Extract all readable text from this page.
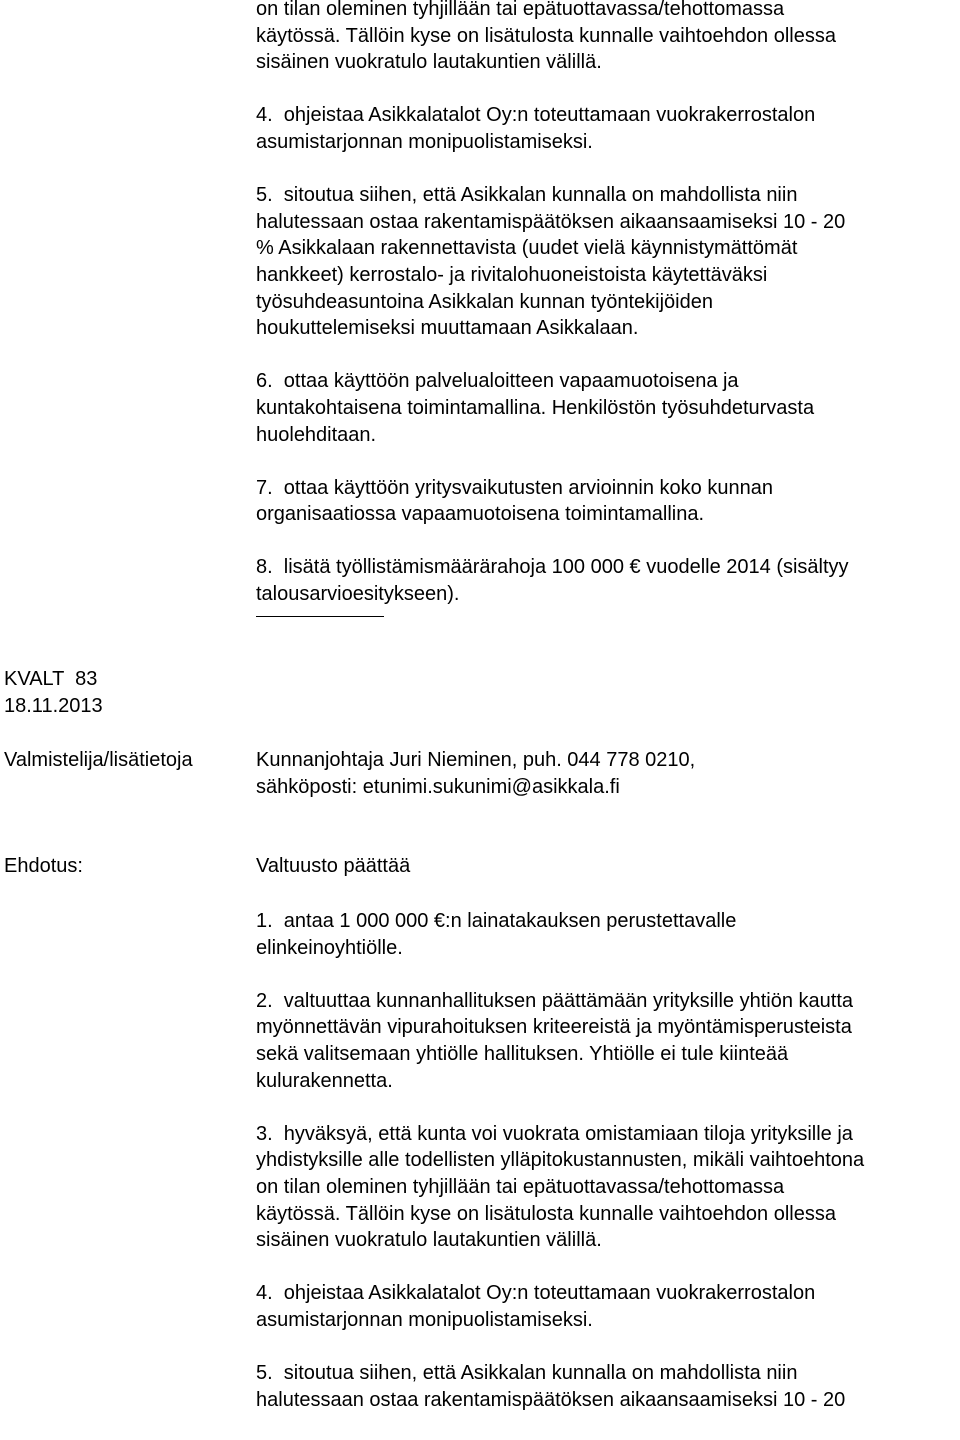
on tilan oleminen tyhjillään tai epätuottavassa/tehottomassa
käytössä. Tällöin kyse on lisätulosta kunnalle vaihtoehdon ollessa
sisäinen vuokratulo lautakuntien välillä.
4.  ohjeistaa Asikkalatalot Oy:n toteuttamaan vuokrakerrostalon
asumistarjonnan monipuolistamiseksi.
5.  sitoutua siihen, että Asikkalan kunnalla on mahdollista niin
halutessaan ostaa rakentamispäätöksen aikaansaamiseksi 10 - 20
% Asikkalaan rakennettavista (uudet vielä käynnistymättömät
hankkeet) kerrostalo- ja rivitalohuoneistoista käytettäväksi
työsuhdeasuntoina Asikkalan kunnan työntekijöiden
houkuttelemiseksi muuttamaan Asikkalaan.
6.  ottaa käyttöön palvelualoitteen vapaamuotoisena ja
kuntakohtaisena toimintamallina. Henkilöstön työsuhdeturvasta
huolehditaan.
7.  ottaa käyttöön yritysvaikutusten arvioinnin koko kunnan
organisaatiossa vapaamuotoisena toimintamallina.
8.  lisätä työllistämismäärärahoja 100 000 € vuodelle 2014 (sisältyy
talousarvioesitykseen).
KVALT  83
18.11.2013
Valmistelija/lisätietoja	Kunnanjohtaja Juri Nieminen, puh. 044 778 0210,
sähköposti: etunimi.sukunimi@asikkala.fi
Ehdotus:	Valtuusto päättää
1.  antaa 1 000 000 €:n lainatakauksen perustettavalle
elinkeinoyhtiölle.
2.  valtuuttaa kunnanhallituksen päättämään yrityksille yhtiön kautta
myönnettävän vipurahoituksen kriteereistä ja myöntämisperusteista
sekä valitsemaan yhtiölle hallituksen. Yhtiölle ei tule kiinteää
kulurakennetta.
3.  hyväksyä, että kunta voi vuokrata omistamiaan tiloja yrityksille ja
yhdistyksille alle todellisten ylläpitokustannusten, mikäli vaihtoehtona
on tilan oleminen tyhjillään tai epätuottavassa/tehottomassa
käytössä. Tällöin kyse on lisätulosta kunnalle vaihtoehdon ollessa
sisäinen vuokratulo lautakuntien välillä.
4.  ohjeistaa Asikkalatalot Oy:n toteuttamaan vuokrakerrostalon
asumistarjonnan monipuolistamiseksi.
5.  sitoutua siihen, että Asikkalan kunnalla on mahdollista niin
halutessaan ostaa rakentamispäätöksen aikaansaamiseksi 10 - 20
